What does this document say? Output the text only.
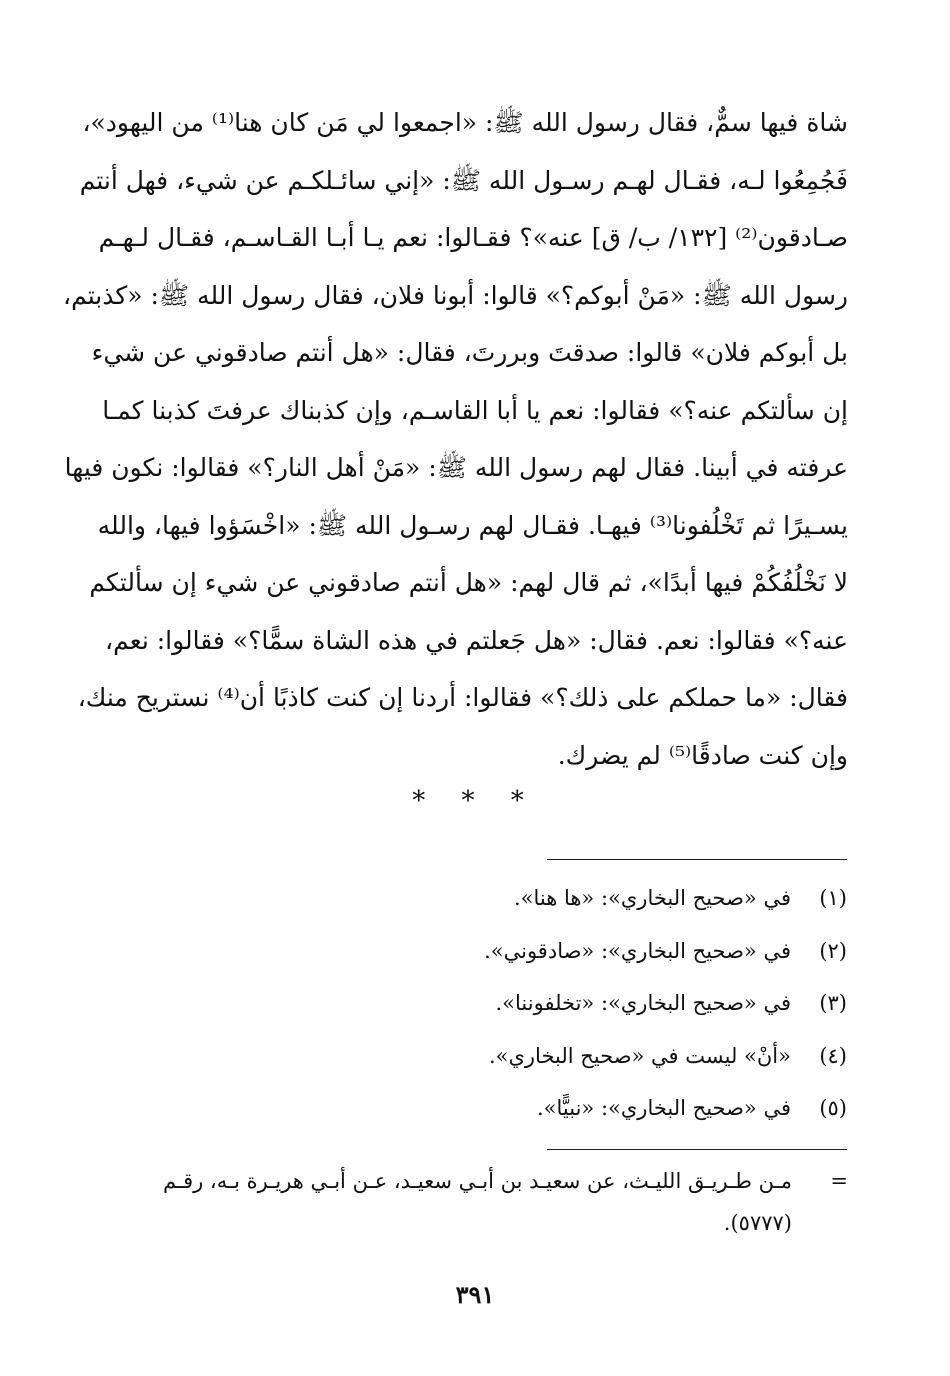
شاة فيها سمٌّ، فقال رسول الله ﷺ: «اجمعوا لي مَن كان هنا⁽¹⁾ من اليهود»،
فَجُمِعُوا لـه، فقـال لهـم رسـول الله ﷺ: «إني سائـلكـم عن شيء، فهل أنتم
صـادقون⁽²⁾ [١٣٢/ ب/ ق] عنه»؟ فقـالوا: نعم يـا أبـا القـاسـم، فقـال لـهـم
رسول الله ﷺ: «مَنْ أبوكم؟» قالوا: أبونا فلان، فقال رسول الله ﷺ: «كذبتم،
بل أبوكم فلان» قالوا: صدقتَ وبررتَ، فقال: «هل أنتم صادقوني عن شيء
إن سألتكم عنه؟» فقالوا: نعم يا أبا القاسـم، وإن كذبناك عرفتَ كذبنا كمـا
عرفته في أبينا. فقال لهم رسول الله ﷺ: «مَنْ أهل النار؟» فقالوا: نكون فيها
يسـيرًا ثم تَخْلُفونا⁽³⁾ فيهـا. فقـال لهم رسـول الله ﷺ: «اخْسَؤوا فيها، والله
لا نَخْلُفُكُمْ فيها أبدًا»، ثم قال لهم: «هل أنتم صادقوني عن شيء إن سألتكم
عنه؟» فقالوا: نعم. فقال: «هل جَعلتم في هذه الشاة سمًّا؟» فقالوا: نعم،
فقال: «ما حملكم على ذلك؟» فقالوا: أردنا إن كنت كاذبًا أن⁽⁴⁾ نستريح منك،
وإن كنت صادقًا⁽⁵⁾ لم يضرك.
* * *
(١)
في «صحيح البخاري»: «ها هنا».
(٢)
في «صحيح البخاري»: «صادقوني».
(٣)
في «صحيح البخاري»: «تخلفوننا».
(٤)
«أنْ» ليست في «صحيح البخاري».
(٥)
في «صحيح البخاري»: «نبيًّا».
=
مـن طـريـق الليـث، عن سعيـد بن أبـي سعيـد، عـن أبـي هريـرة بـه، رقـم
(٥٧٧٧).
٣٩١
